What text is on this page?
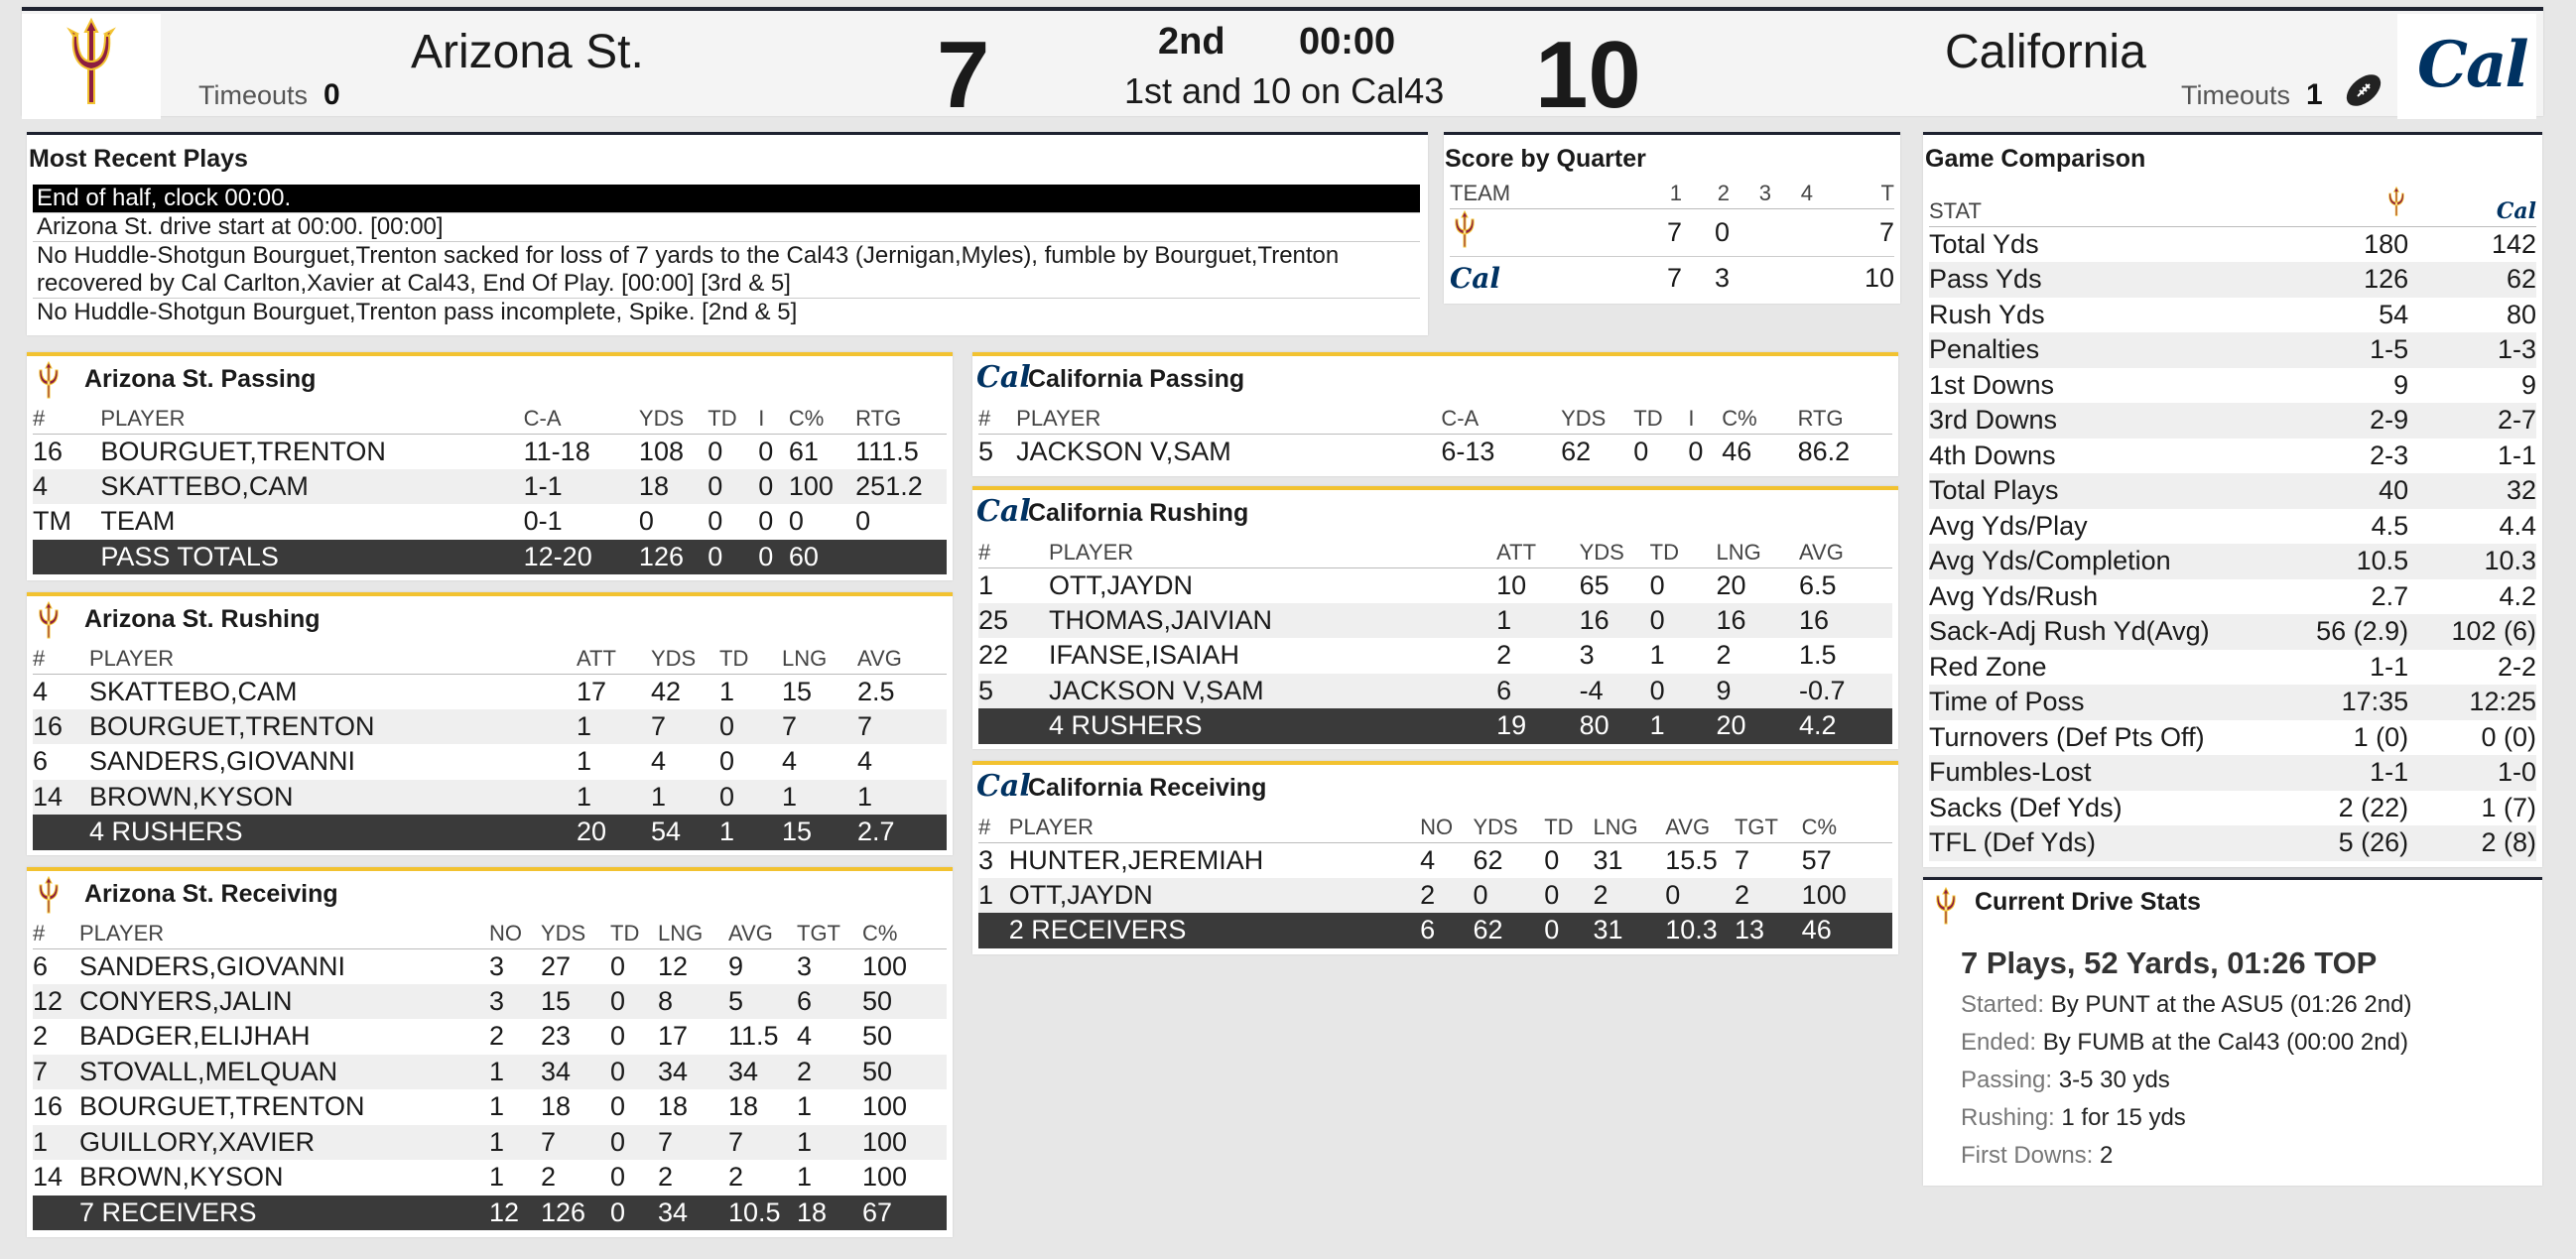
Timeouts 0
Arizona St.	7	2nd 00:00
1st and 10 on Cal43 10	California
Timeouts 1 Cal
Most Recent Plays
End of half, clock 00:00.
Arizona St. drive start at 00:00. [00:00]
No Huddle-Shotgun Bourguet,Trenton sacked for loss of 7 yards to the Cal43 (Jernigan,Myles), fumble by Bourguet,Trenton recovered by Cal Carlton,Xavier at Cal43, End Of Play. [00:00] [3rd & 5]
No Huddle-Shotgun Bourguet,Trenton pass incomplete, Spike. [2nd & 5]
Score by Quarter
TEAM	1	2	3	4	T
	7	0			7
Cal	7	3			10
Game Comparison
STAT		Cal
Total Yds	180	142
Pass Yds	126	62
Rush Yds	54	80
Penalties	1-5	1-3
1st Downs	9	9
3rd Downs	2-9	2-7
4th Downs	2-3	1-1
Total Plays	40	32
Avg Yds/Play	4.5	4.4
Avg Yds/Completion	10.5	10.3
Avg Yds/Rush	2.7	4.2
Sack-Adj Rush Yd(Avg)	56 (2.9)	102 (6)
Red Zone	1-1	2-2
Time of Poss	17:35	12:25
Turnovers (Def Pts Off)	1 (0)	0 (0)
Fumbles-Lost	1-1	1-0
Sacks (Def Yds)	2 (22)	1 (7)
TFL (Def Yds)	5 (26)	2 (8)
Current Drive Stats
7 Plays, 52 Yards, 01:26 TOP
Started: By PUNT at the ASU5 (01:26 2nd)
Ended: By FUMB at the Cal43 (00:00 2nd)
Passing: 3-5 30 yds
Rushing: 1 for 15 yds
First Downs: 2
Arizona St. Passing
#	PLAYER	C-A	YDS	TD	I	C%	RTG
16	BOURGUET,TRENTON	11-18	108	0	0	61	111.5
4	SKATTEBO,CAM	1-1	18	0	0	100	251.2
TM	TEAM	0-1	0	0	0	0	0
	PASS TOTALS	12-20	126	0	0	60	
Arizona St. Rushing
#	PLAYER	ATT	YDS	TD	LNG	AVG
4	SKATTEBO,CAM	17	42	1	15	2.5
16	BOURGUET,TRENTON	1	7	0	7	7
6	SANDERS,GIOVANNI	1	4	0	4	4
14	BROWN,KYSON	1	1	0	1	1
	4 RUSHERS	20	54	1	15	2.7
Arizona St. Receiving
#	PLAYER	NO	YDS	TD	LNG	AVG	TGT	C%
6	SANDERS,GIOVANNI	3	27	0	12	9	3	100
12	CONYERS,JALIN	3	15	0	8	5	6	50
2	BADGER,ELIJHAH	2	23	0	17	11.5	4	50
7	STOVALL,MELQUAN	1	34	0	34	34	2	50
16	BOURGUET,TRENTON	1	18	0	18	18	1	100
1	GUILLORY,XAVIER	1	7	0	7	7	1	100
14	BROWN,KYSON	1	2	0	2	2	1	100
	7 RECEIVERS	12	126	0	34	10.5	18	67
Cal
California Passing
#	PLAYER	C-A	YDS	TD	I	C%	RTG
5	JACKSON V,SAM	6-13	62	0	0	46	86.2
Cal
California Rushing
#	PLAYER	ATT	YDS	TD	LNG	AVG
1	OTT,JAYDN	10	65	0	20	6.5
25	THOMAS,JAIVIAN	1	16	0	16	16
22	IFANSE,ISAIAH	2	3	1	2	1.5
5	JACKSON V,SAM	6	-4	0	9	-0.7
	4 RUSHERS	19	80	1	20	4.2
Cal
California Receiving
#	PLAYER	NO	YDS	TD	LNG	AVG	TGT	C%
3	HUNTER,JEREMIAH	4	62	0	31	15.5	7	57
1	OTT,JAYDN	2	0	0	2	0	2	100
	2 RECEIVERS	6	62	0	31	10.3	13	46
